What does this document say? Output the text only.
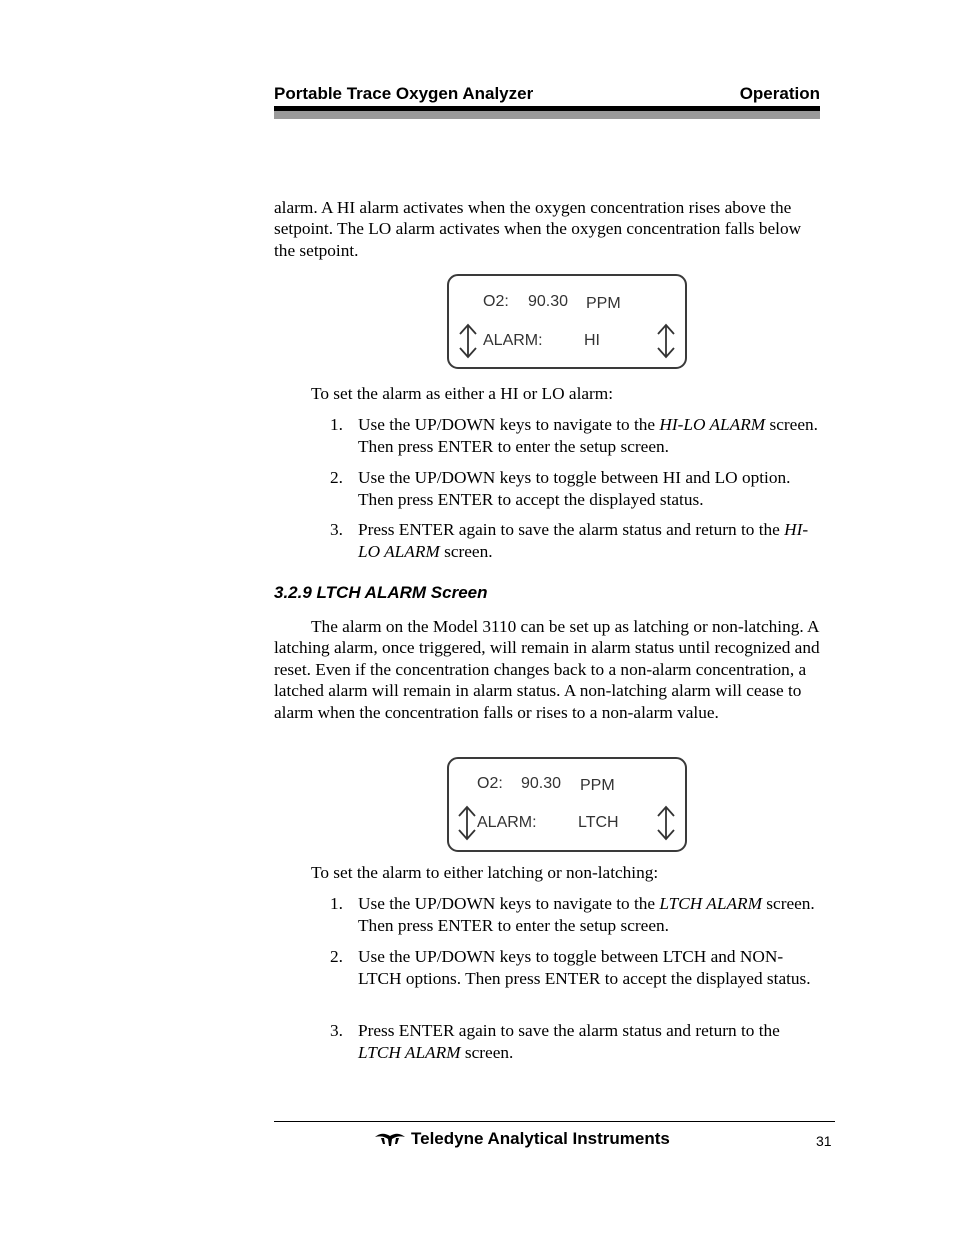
Portable Trace Oxygen Analyzer	Operation

alarm. A HI alarm activates when the oxygen concentration rises above the setpoint. The LO alarm activates when the oxygen concentration falls below the setpoint.

O2: 90.30 PPM
ALARM:	HI
To set the alarm as either a HI or LO alarm:
1. Use the UP/DOWN keys to navigate to the HI-LO ALARM screen. Then press ENTER to enter the setup screen.
2. Use the UP/DOWN keys to toggle between HI and LO option. Then press ENTER to accept the displayed status.
3. Press ENTER again to save the alarm status and return to the HI-LO ALARM screen.
3.2.9 LTCH ALARM Screen

The alarm on the Model 3110 can be set up as latching or non-latching. A latching alarm, once triggered, will remain in alarm status until recognized and reset. Even if the concentration changes back to a non-alarm concentration, a latched alarm will remain in alarm status. A non-latching alarm will cease to alarm when the concentration falls or rises to a non-alarm value.

O2: 90.30 PPM
ALARM:	LTCH
To set the alarm to either latching or non-latching:
1. Use the UP/DOWN keys to navigate to the LTCH ALARM screen. Then press ENTER to enter the setup screen.
2. Use the UP/DOWN keys to toggle between LTCH and NON-LTCH options. Then press ENTER to accept the displayed status.
3. Press ENTER again to save the alarm status and return to the LTCH ALARM screen.
Teledyne Analytical Instruments	31
